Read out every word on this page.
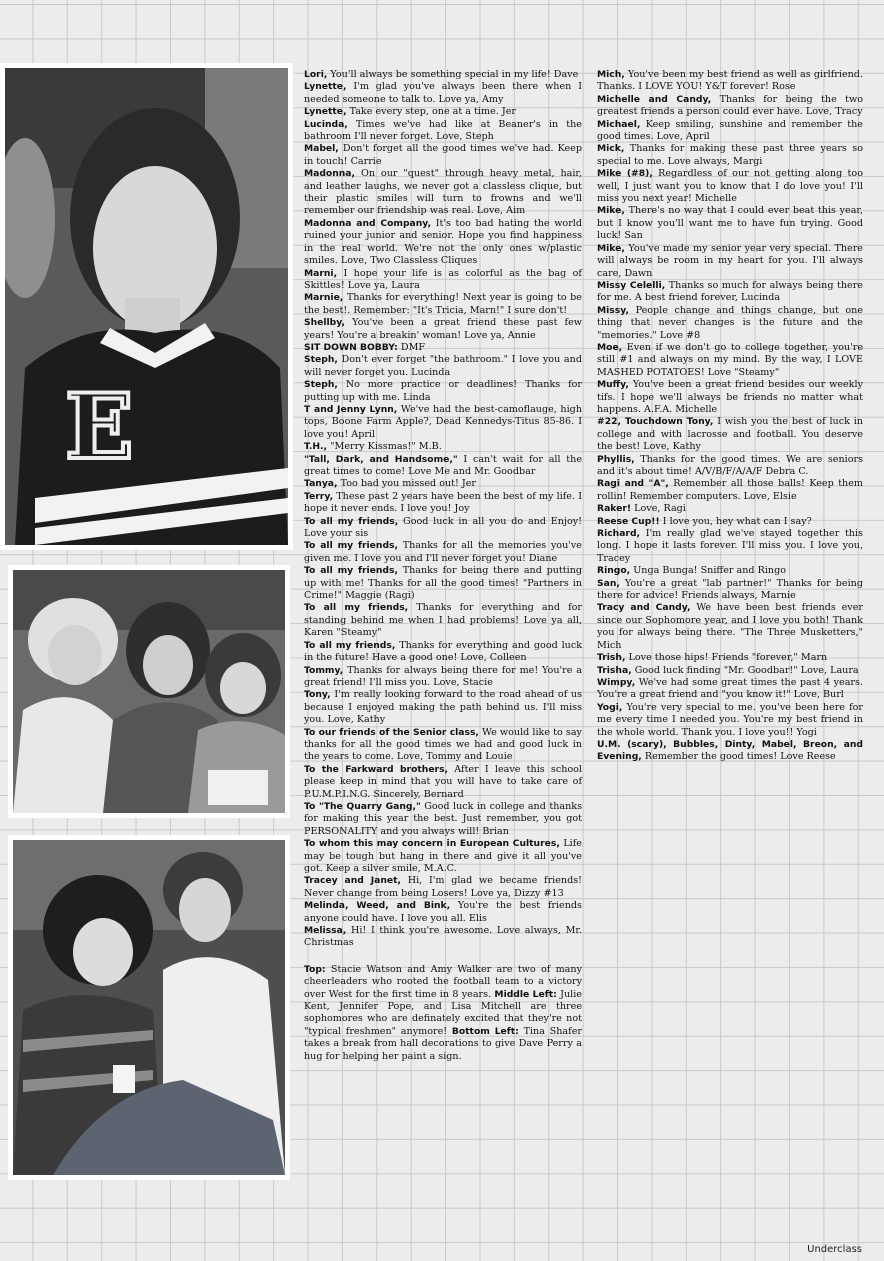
E

Lori, You'll always be something special in my life! Dave

Lynette, I'm glad you've always been there when I needed someone to talk to. Love ya, Amy

Lynette, Take every step, one at a time. Jer

Lucinda, Times we've had like at Beaner's in the bathroom I'll never forget. Love, Steph

Mabel, Don't forget all the good times we've had. Keep in touch! Carrie

Madonna, On our "quest" through heavy metal, hair, and leather laughs, we never got a classless clique, but their plastic smiles will turn to frowns and we'll remember our friendship was real. Love, Aim

Madonna and Company, It's too bad hating the world ruined your junior and senior. Hope you find happiness in the real world. We're not the only ones w/plastic smiles. Love, Two Classless Cliques

Marni, I hope your life is as colorful as the bag of Skittles! Love ya, Laura

Marnie, Thanks for everything! Next year is going to be the best!. Remember: "It's Tricia, Marn!" I sure don't!

Shellby, You've been a great friend these past few years! You're a breakin' woman! Love ya, Annie

SIT DOWN BOBBY: DMF

Steph, Don't ever forget "the bathroom." I love you and will never forget you. Lucinda

Steph, No more practice or deadlines! Thanks for putting up with me. Linda

T and Jenny Lynn, We've had the best-camoflauge, high tops, Boone Farm Apple?, Dead Kennedys-Titus 85-86. I love you! April

T.H., "Merry Kissmas!" M.B.

"Tall, Dark, and Handsome," I can't wait for all the great times to come! Love Me and Mr. Goodbar

Tanya, Too bad you missed out! Jer

Terry, These past 2 years have been the best of my life. I hope it never ends. I love you! Joy

To all my friends, Good luck in all you do and Enjoy! Love your sis

To all my friends, Thanks for all the memories you've given me. I love you and I'll never forget you! Diane

To all my friends, Thanks for being there and putting up with me! Thanks for all the good times! "Partners in Crime!" Maggie (Ragi)

To all my friends, Thanks for everything and for standing behind me when I had problems! Love ya all, Karen "Steamy"

To all my friends, Thanks for everything and good luck in the future! Have a good one! Love, Colleen

Tommy, Thanks for always being there for me! You're a great friend! I'll miss you. Love, Stacie

Tony, I'm really looking forward to the road ahead of us because I enjoyed making the path behind us. I'll miss you. Love, Kathy

To our friends of the Senior class, We would like to say thanks for all the good times we had and good luck in the years to come. Love, Tommy and Louie

To the Farkward brothers, After I leave this school please keep in mind that you will have to take care of P.U.M.P.I.N.G. Sincerely, Bernard

To "The Quarry Gang," Good luck in college and thanks for making this year the best. Just remember, you got PERSONALITY and you always will! Brian

To whom this may concern in European Cultures, Life may be tough but hang in there and give it all you've got. Keep a silver smile, M.A.C.

Tracey and Janet, Hi, I'm glad we became friends! Never change from being Losers! Love ya, Dizzy #13

Melinda, Weed, and Bink, You're the best friends anyone could have. I love you all. Elis

Melissa, Hi! I think you're awesome. Love always, Mr. Christmas

Top: Stacie Watson and Amy Walker are two of many cheerleaders who rooted the football team to a victory over West for the first time in 8 years. Middle Left: Julie Kent, Jennifer Pope, and Lisa Mitchell are three sophomores who are definately excited that they're not "typical freshmen" anymore! Bottom Left: Tina Shafer takes a break from hall decorations to give Dave Perry a hug for helping her paint a sign.

Mich, You've been my best friend as well as girlfriend. Thanks. I LOVE YOU! Y&T forever! Rose

Michelle and Candy, Thanks for being the two greatest friends a person could ever have. Love, Tracy

Michael, Keep smiling, sunshine and remember the good times. Love, April

Mick, Thanks for making these past three years so special to me. Love always, Margi

Mike (#8), Regardless of our not getting along too well, I just want you to know that I do love you! I'll miss you next year! Michelle

Mike, There's no way that I could ever beat this year, but I know you'll want me to have fun trying. Good luck! San

Mike, You've made my senior year very special. There will always be room in my heart for you. I'll always care, Dawn

Missy Celelli, Thanks so much for always being there for me. A best friend forever, Lucinda

Missy, People change and things change, but one thing that never changes is the future and the "memories." Love #8

Moe, Even if we don't go to college together, you're still #1 and always on my mind. By the way, I LOVE MASHED POTATOES! Love "Steamy"

Muffy, You've been a great friend besides our weekly tifs. I hope we'll always be friends no matter what happens. A.F.A. Michelle

#22, Touchdown Tony, I wish you the best of luck in college and with lacrosse and football. You deserve the best! Love, Kathy

Phyllis, Thanks for the good times. We are seniors and it's about time! A/V/B/F/A/A/F Debra C.

Ragi and "A", Remember all those balls! Keep them rollin! Remember computers. Love, Elsie

Raker! Love, Ragi

Reese Cup!! I love you, hey what can I say?

Richard, I'm really glad we've stayed together this long. I hope it lasts forever. I'll miss you. I love you, Tracey

Ringo, Unga Bunga! Sniffer and Ringo

San, You're a great "lab partner!" Thanks for being there for advice! Friends always, Marnie

Tracy and Candy, We have been best friends ever since our Sophomore year, and I love you both! Thank you for always being there. "The Three Musketters," Mich

Trish, Love those hips! Friends "forever," Marn

Trisha, Good luck finding "Mr. Goodbar!" Love, Laura

Wimpy, We've had some great times the past 4 years. You're a great friend and "you know it!" Love, Burl

Yogi, You're very special to me. you've been here for me every time I needed you. You're my best friend in the whole world. Thank you. I love you!! Yogi

U.M. (scary), Bubbles, Dinty, Mabel, Breon, and Evening, Remember the good times! Love Reese

Underclass
